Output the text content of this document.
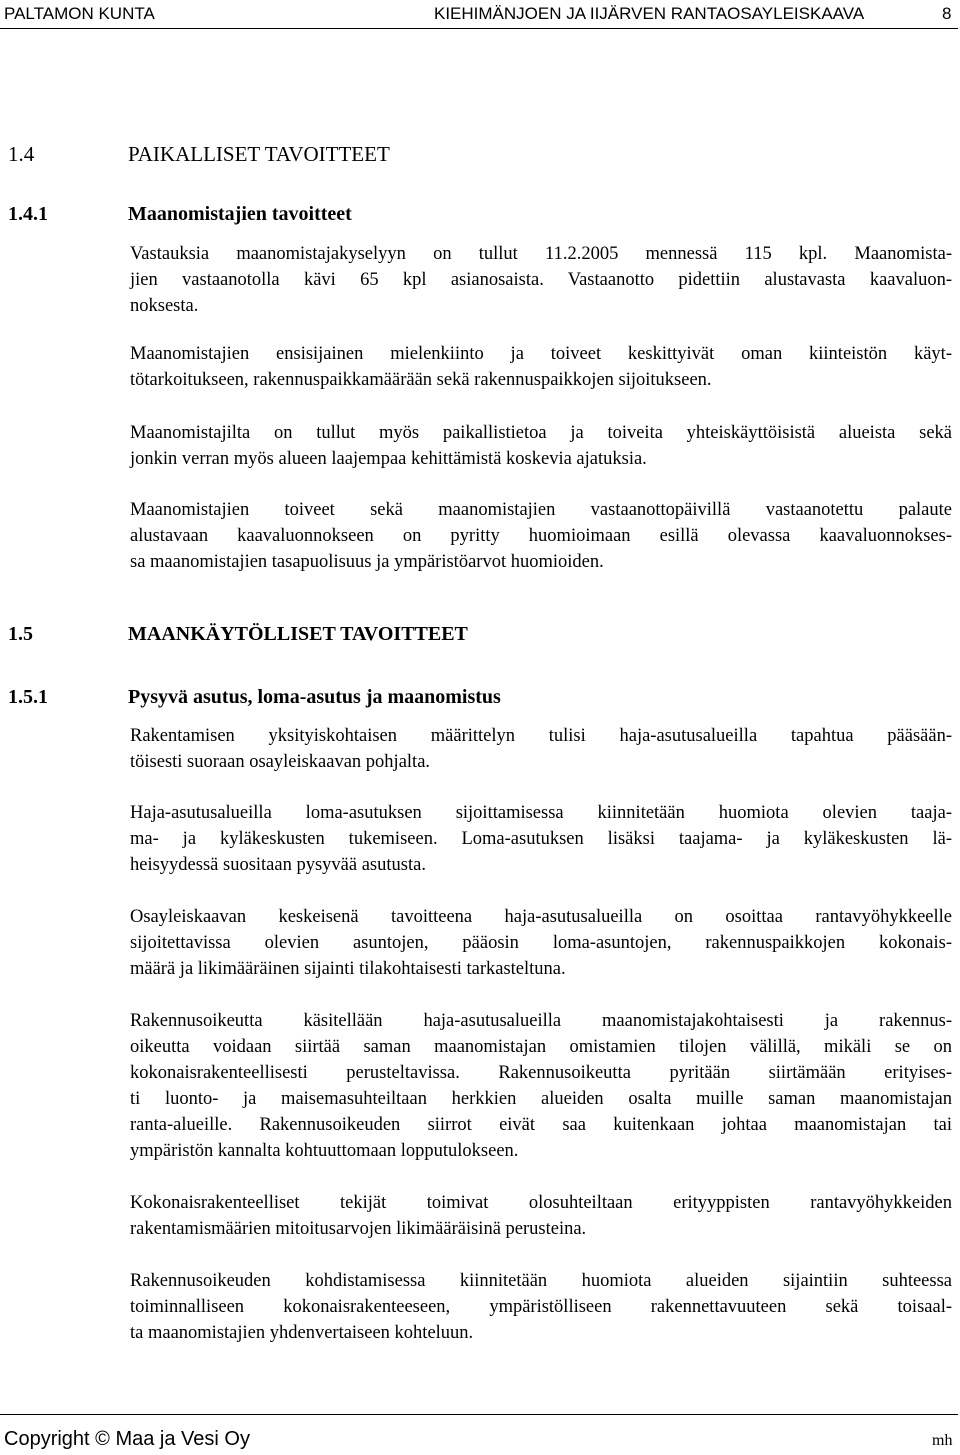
PALTAMON KUNTA	KIEHIMÄNJOEN JA IIJÄRVEN RANTAOSAYLEISKAAVA	8
1.4	PAIKALLISET TAVOITTEET
1.4.1	Maanomistajien tavoitteet
Vastauksia maanomistajakyselyyn on tullut 11.2.2005 mennessä 115 kpl. Maanomista-
jien vastaanotolla kävi 65 kpl asianosaista. Vastaanotto pidettiin alustavasta kaavaluon-
noksesta.
Maanomistajien ensisijainen mielenkiinto ja toiveet keskittyivät oman kiinteistön käyt-
tötarkoitukseen, rakennuspaikkamäärään sekä rakennuspaikkojen sijoitukseen.
Maanomistajilta on tullut myös paikallistietoa ja toiveita yhteiskäyttöisistä alueista sekä
jonkin verran myös alueen laajempaa kehittämistä koskevia ajatuksia.
Maanomistajien toiveet sekä maanomistajien vastaanottopäivillä vastaanotettu palaute
alustavaan kaavaluonnokseen on pyritty huomioimaan esillä olevassa kaavaluonnokses-
sa maanomistajien tasapuolisuus ja ympäristöarvot huomioiden.
1.5	MAANKÄYTÖLLISET TAVOITTEET
1.5.1	Pysyvä asutus, loma-asutus ja maanomistus
Rakentamisen yksityiskohtaisen määrittelyn tulisi haja-asutusalueilla tapahtua pääsään-
töisesti suoraan osayleiskaavan pohjalta.
Haja-asutusalueilla loma-asutuksen sijoittamisessa kiinnitetään huomiota olevien taaja-
ma- ja kyläkeskusten tukemiseen. Loma-asutuksen lisäksi taajama- ja kyläkeskusten lä-
heisyydessä suositaan pysyvää asutusta.
Osayleiskaavan keskeisenä tavoitteena haja-asutusalueilla on osoittaa rantavyöhykkeelle
sijoitettavissa olevien asuntojen, pääosin loma-asuntojen, rakennuspaikkojen kokonais-
määrä ja likimääräinen sijainti tilakohtaisesti tarkasteltuna.
Rakennusoikeutta käsitellään haja-asutusalueilla maanomistajakohtaisesti ja rakennus-
oikeutta voidaan siirtää saman maanomistajan omistamien tilojen välillä, mikäli se on
kokonaisrakenteellisesti perusteltavissa. Rakennusoikeutta pyritään siirtämään erityises-
ti luonto- ja maisemasuhteiltaan herkkien alueiden osalta muille saman maanomistajan
ranta-alueille. Rakennusoikeuden siirrot eivät saa kuitenkaan johtaa maanomistajan tai
ympäristön kannalta kohtuuttomaan lopputulokseen.
Kokonaisrakenteelliset tekijät toimivat olosuhteiltaan erityyppisten rantavyöhykkeiden
rakentamismäärien mitoitusarvojen likimääräisinä perusteina.
Rakennusoikeuden kohdistamisessa kiinnitetään huomiota alueiden sijaintiin suhteessa
toiminnalliseen kokonaisrakenteeseen, ympäristölliseen rakennettavuuteen sekä toisaal-
ta maanomistajien yhdenvertaiseen kohteluun.
Copyright © Maa ja Vesi Oy	mh
